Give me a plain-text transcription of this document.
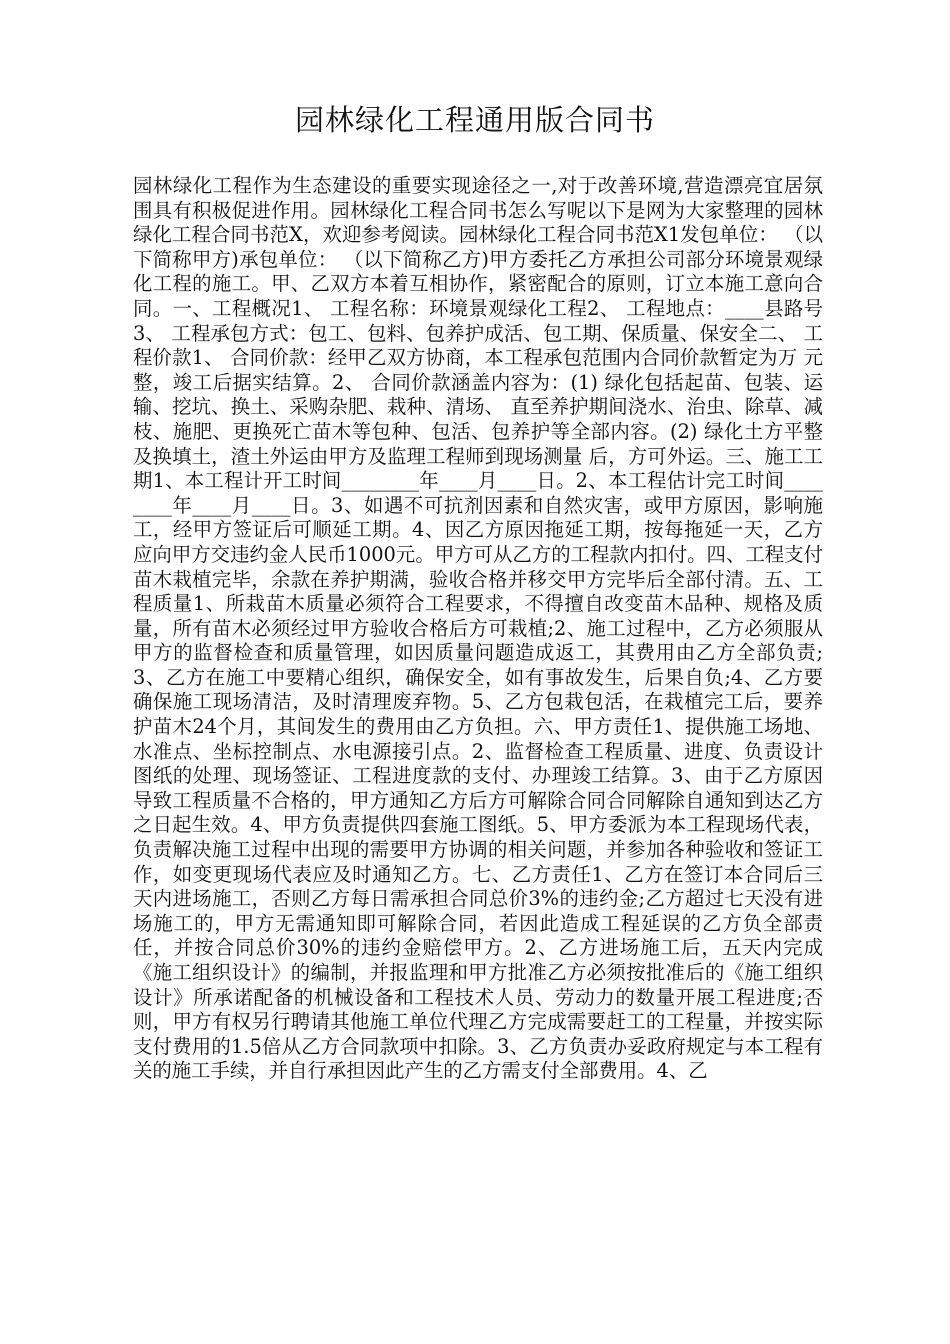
园林绿化工程通用版合同书

园林绿化工程作为生态建设的重要实现途径之一,对于改善环境,营造漂亮宜居氛围具有积极促进作用。园林绿化工程合同书怎么写呢以下是网为大家整理的园林绿化工程合同书范X，欢迎参考阅读。园林绿化工程合同书范X1发包单位： （以下简称甲方)承包单位： （以下简称乙方)甲方委托乙方承担公司部分环境景观绿化工程的施工。甲、乙双方本着互相协作，紧密配合的原则，订立本施工意向合同。一、工程概况1、 工程名称：环境景观绿化工程2、 工程地点：____县路号3、 工程承包方式：包工、包料、包养护成活、包工期、保质量、保安全二、 工程价款1、 合同价款：经甲乙双方协商，本工程承包范围内合同价款暂定为万 元整，竣工后据实结算。2、 合同价款涵盖内容为：(1) 绿化包括起苗、包装、运输、挖坑、换土、采购杂肥、栽种、清场、 直至养护期间浇水、治虫、除草、减枝、施肥、更换死亡苗木等包种、包活、包养护等全部内容。(2) 绿化土方平整及换填土，渣土外运由甲方及监理工程师到现场测量 后，方可外运。三、施工工期1、本工程计开工时间________年____月____日。2、本工程估计完工时间________年____月____日。3、如遇不可抗剂因素和自然灾害，或甲方原因，影响施工，经甲方签证后可顺延工期。4、因乙方原因拖延工期，按每拖延一天，乙方应向甲方交违约金人民币1000元。甲方可从乙方的工程款内扣付。四、工程支付苗木栽植完毕，余款在养护期满，验收合格并移交甲方完毕后全部付清。五、工程质量1、所栽苗木质量必须符合工程要求，不得擅自改变苗木品种、规格及质量，所有苗木必须经过甲方验收合格后方可栽植;2、施工过程中，乙方必须服从甲方的监督检查和质量管理，如因质量问题造成返工，其费用由乙方全部负责;3、乙方在施工中要精心组织，确保安全，如有事故发生，后果自负;4、乙方要确保施工现场清洁，及时清理废弃物。5、乙方包栽包活，在栽植完工后，要养护苗木24个月，其间发生的费用由乙方负担。六、甲方责任1、提供施工场地、水准点、坐标控制点、水电源接引点。2、监督检查工程质量、进度、负责设计图纸的处理、现场签证、工程进度款的支付、办理竣工结算。3、由于乙方原因导致工程质量不合格的，甲方通知乙方后方可解除合同合同解除自通知到达乙方之日起生效。4、甲方负责提供四套施工图纸。5、甲方委派为本工程现场代表，负责解决施工过程中出现的需要甲方协调的相关问题，并参加各种验收和签证工作，如变更现场代表应及时通知乙方。七、乙方责任1、乙方在签订本合同后三天内进场施工，否则乙方每日需承担合同总价3%的违约金;乙方超过七天没有进场施工的，甲方无需通知即可解除合同，若因此造成工程延误的乙方负全部责任，并按合同总价30%的违约金赔偿甲方。2、乙方进场施工后，五天内完成《施工组织设计》的编制，并报监理和甲方批准乙方必须按批准后的《施工组织设计》所承诺配备的机械设备和工程技术人员、劳动力的数量开展工程进度;否则，甲方有权另行聘请其他施工单位代理乙方完成需要赶工的工程量，并按实际支付费用的1.5倍从乙方合同款项中扣除。3、乙方负责办妥政府规定与本工程有关的施工手续，并自行承担因此产生的乙方需支付全部费用。4、乙
